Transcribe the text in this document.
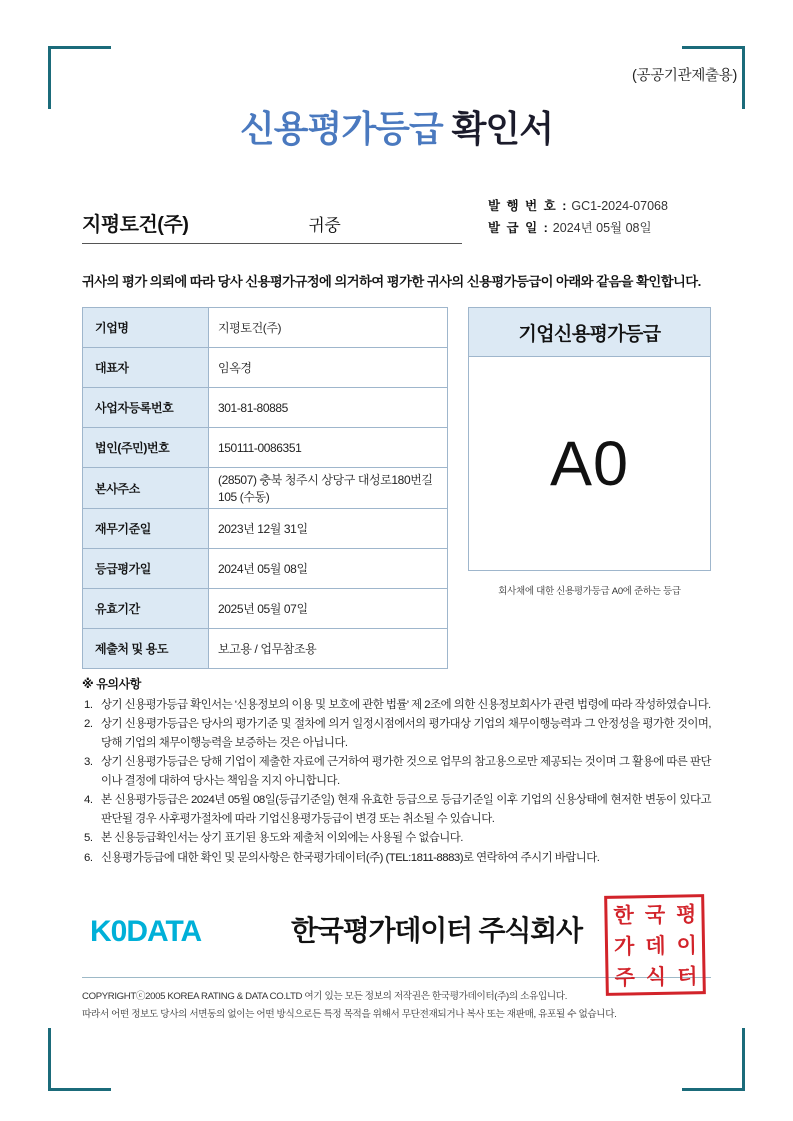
(공공기관제출용)
신용평가등급 확인서
지평토건(주)	귀중
발 행 번 호 : GC1-2024-07068
발 급 일 : 2024년 05월 08일
귀사의 평가 의뢰에 따라 당사 신용평가규정에 의거하여 평가한 귀사의 신용평가등급이 아래와 같음을 확인합니다.
기업명	지평토건(주)
대표자	임옥경
사업자등록번호	301-81-80885
법인(주민)번호	150111-0086351
본사주소	(28507) 충북 청주시 상당구 대성로180번길 105 (수동)
재무기준일	2023년 12월 31일
등급평가일	2024년 05월 08일
유효기간	2025년 05월 07일
제출처 및 용도	보고용 / 업무참조용
기업신용평가등급
A0
회사채에 대한 신용평가등급 A0에 준하는 등급
※ 유의사항
상기 신용평가등급 확인서는 '신용정보의 이용 및 보호에 관한 법률' 제 2조에 의한 신용정보회사가 관련 법령에 따라 작성하였습니다.
상기 신용평가등급은 당사의 평가기준 및 절차에 의거 일정시점에서의 평가대상 기업의 채무이행능력과 그 안정성을 평가한 것이며, 당해 기업의 채무이행능력을 보증하는 것은 아닙니다.
상기 신용평가등급은 당해 기업이 제출한 자료에 근거하여 평가한 것으로 업무의 참고용으로만 제공되는 것이며 그 활용에 따른 판단이나 결정에 대하여 당사는 책임을 지지 아니합니다.
본 신용평가등급은 2024년 05월 08일(등급기준일) 현재 유효한 등급으로 등급기준일 이후 기업의 신용상태에 현저한 변동이 있다고 판단될 경우 사후평가절차에 따라 기업신용평가등급이 변경 또는 취소될 수 있습니다.
본 신용등급확인서는 상기 표기된 용도와 제출처 이외에는 사용될 수 없습니다.
신용평가등급에 대한 확인 및 문의사항은 한국평가데이터(주) (TEL:1811-8883)로 연락하여 주시기 바랍니다.
K0DATA	한국평가데이터 주식회사 한 국 평
가 데 이
주 식 터
COPYRIGHTⓒ2005 KOREA RATING & DATA CO.LTD 여기 있는 모든 정보의 저작권은 한국평가데이터(주)의 소유입니다.
따라서 어떤 정보도 당사의 서면동의 없이는 어떤 방식으로든 특정 목적을 위해서 무단전재되거나 복사 또는 재판매, 유포될 수 없습니다.
